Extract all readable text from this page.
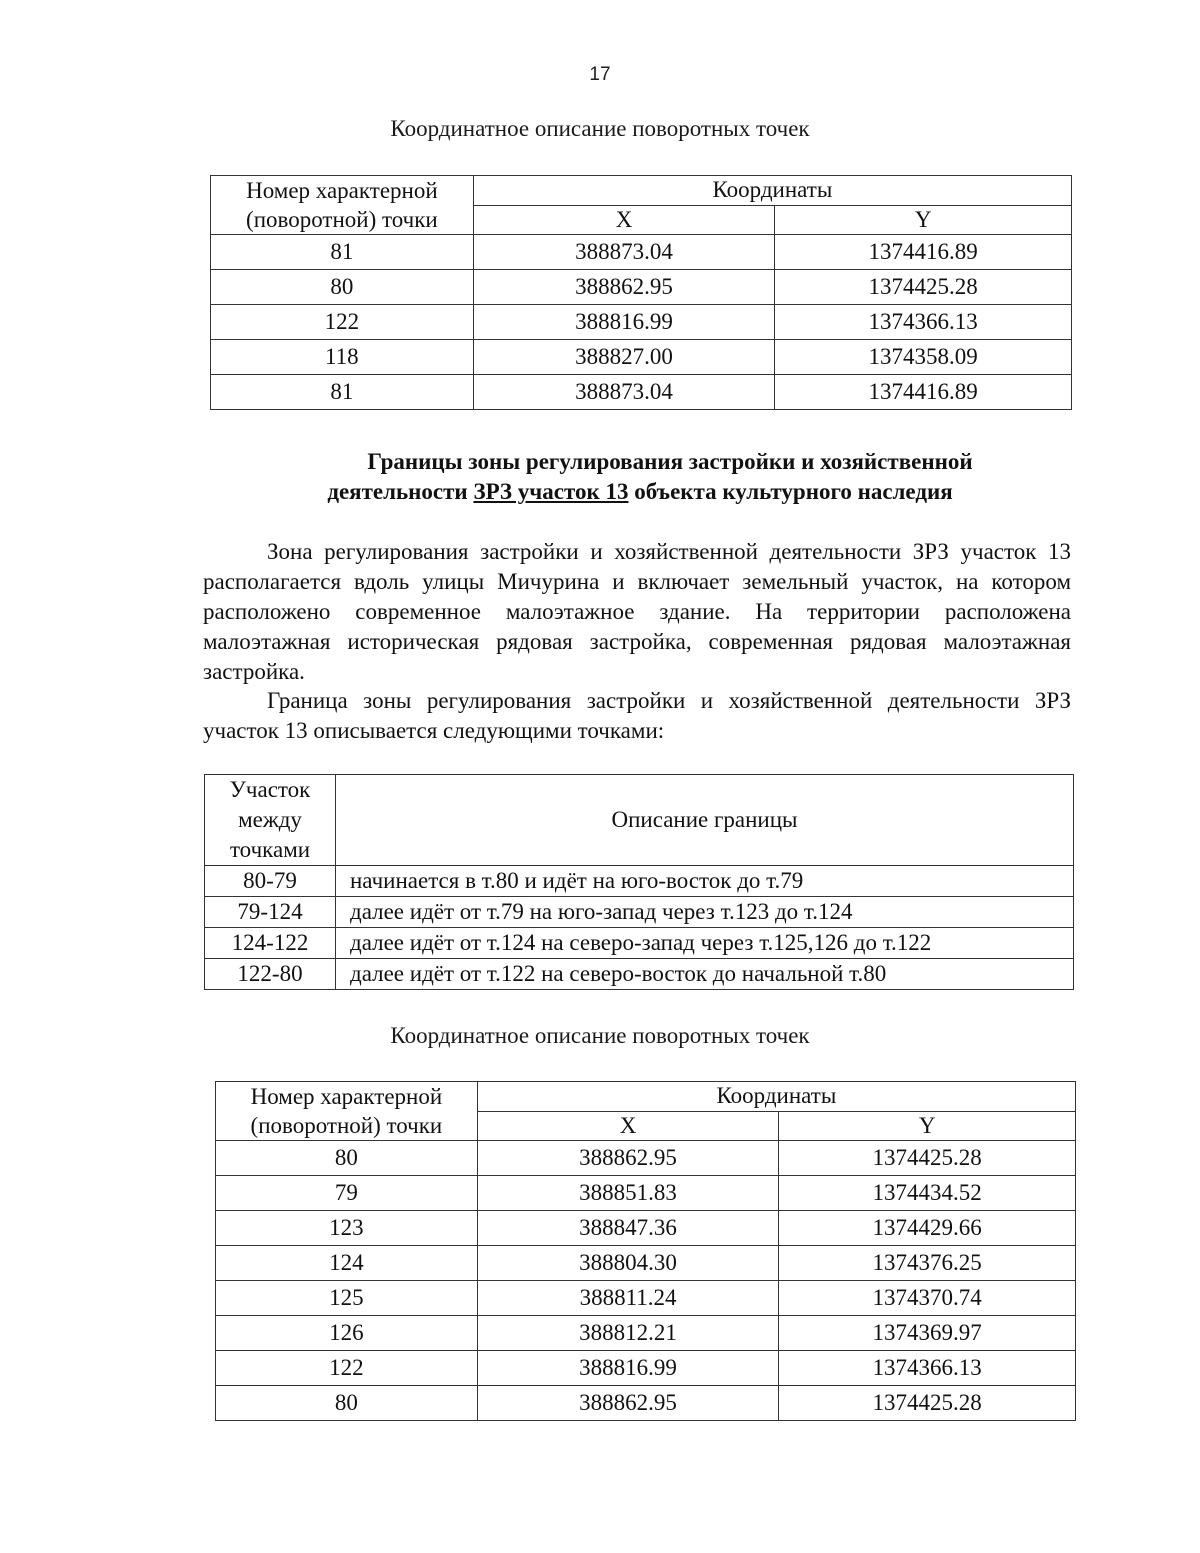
17
Координатное описание поворотных точек
Номер характерной (поворотной) точки	Координаты	
	X	Y
81	388873.04	1374416.89
80	388862.95	1374425.28
122	388816.99	1374366.13
118	388827.00	1374358.09
81	388873.04	1374416.89
Границы зоны регулирования застройки и хозяйственной
деятельности ЗРЗ участок 13 объекта культурного наследия

Зона регулирования застройки и хозяйственной деятельности ЗРЗ участок 13 располагается вдоль улицы Мичурина и включает земельный участок, на котором расположено современное малоэтажное здание. На территории расположена малоэтажная историческая рядовая застройка, современная рядовая малоэтажная застройка.

Граница зоны регулирования застройки и хозяйственной деятельности ЗРЗ участок 13 описывается следующими точками:

Участок между точками	Описание границы
80-79	начинается в т.80 и идёт на юго-восток до т.79
79-124	далее идёт от т.79 на юго-запад через т.123 до т.124
124-122	далее идёт от т.124 на северо-запад через т.125,126 до т.122
122-80	далее идёт от т.122 на северо-восток до начальной т.80
Координатное описание поворотных точек
Номер характерной (поворотной) точки	Координаты	
	X	Y
80	388862.95	1374425.28
79	388851.83	1374434.52
123	388847.36	1374429.66
124	388804.30	1374376.25
125	388811.24	1374370.74
126	388812.21	1374369.97
122	388816.99	1374366.13
80	388862.95	1374425.28
